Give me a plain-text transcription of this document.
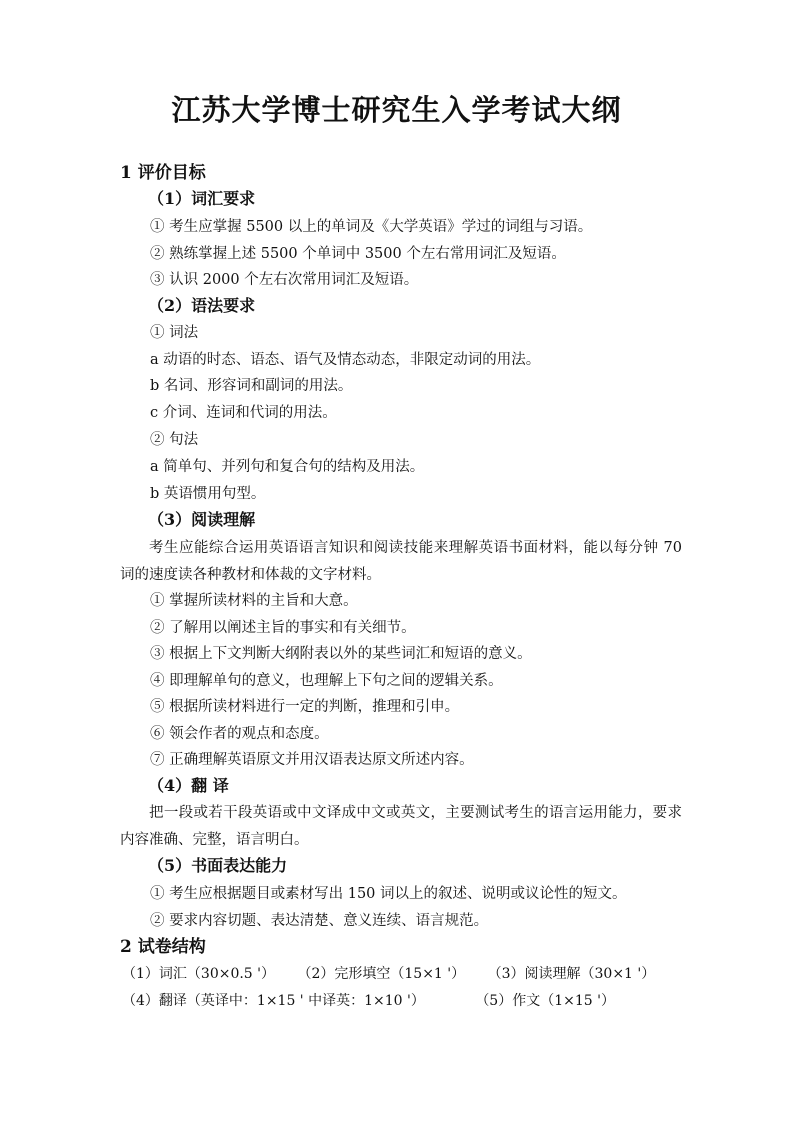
江苏大学博士研究生入学考试大纲
1 评价目标
（1）词汇要求
① 考生应掌握 5500 以上的单词及《大学英语》学过的词组与习语。
② 熟练掌握上述 5500 个单词中 3500 个左右常用词汇及短语。
③ 认识 2000 个左右次常用词汇及短语。
（2）语法要求
① 词法
a 动语的时态、语态、语气及情态动态，非限定动词的用法。
b 名词、形容词和副词的用法。
c 介词、连词和代词的用法。
② 句法
a 简单句、并列句和复合句的结构及用法。
b 英语惯用句型。
（3）阅读理解
考生应能综合运用英语语言知识和阅读技能来理解英语书面材料，能以每分钟 70 词的速度读各种教材和体裁的文字材料。
① 掌握所读材料的主旨和大意。
② 了解用以阐述主旨的事实和有关细节。
③ 根据上下文判断大纲附表以外的某些词汇和短语的意义。
④ 即理解单句的意义，也理解上下句之间的逻辑关系。
⑤ 根据所读材料进行一定的判断，推理和引申。
⑥ 领会作者的观点和态度。
⑦ 正确理解英语原文并用汉语表达原文所述内容。
（4）翻 译
把一段或若干段英语或中文译成中文或英文，主要测试考生的语言运用能力，要求内容准确、完整，语言明白。
（5）书面表达能力
① 考生应根据题目或素材写出 150 词以上的叙述、说明或议论性的短文。
② 要求内容切题、表达清楚、意义连续、语言规范。
2 试卷结构
（1）词汇（30×0.5 '） （2）完形填空（15×1 '） （3）阅读理解（30×1 '）
（4）翻译（英译中：1×15 ' 中译英：1×10 '）	（5）作文（1×15 '）
